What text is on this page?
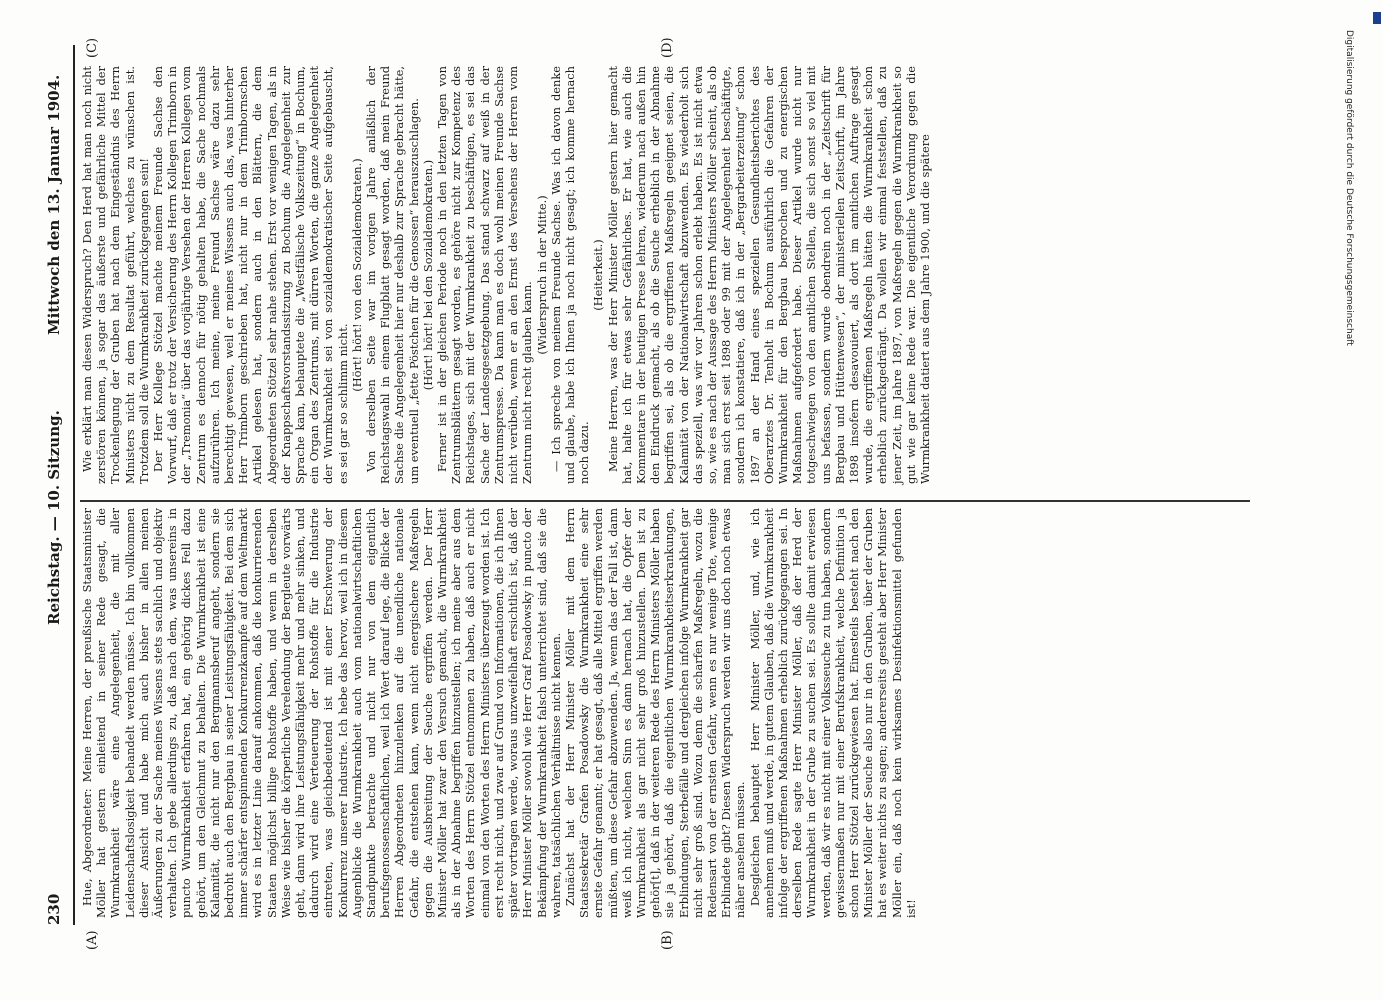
230
Reichstag. — 10. Sitzung.
Mittwoch den 13. Januar 1904.
(A)	(B)
(C)	(D)

Hue, Abgeordneter: Meine Herren, der preußische Staatsminister Möller hat gestern einleitend in seiner Rede gesagt, die Wurmkrankheit wäre eine Angelegenheit, die mit aller Leidenschaftslosigkeit behandelt werden müsse. Ich bin vollkommen dieser Ansicht und habe mich auch bisher in allen meinen Äußerungen zu der Sache meines Wissens stets sachlich und objektiv verhalten. Ich gebe allerdings zu, daß nach dem, was unsereins in puncto Wurmkrankheit erfahren hat, ein gehörig dickes Fell dazu gehört, um den Gleichmut zu behalten. Die Wurmkrankheit ist eine Kalamität, die nicht nur den Bergmannsberuf angeht, sondern sie bedroht auch den Bergbau in seiner Leistungsfähigkeit. Bei dem sich immer schärfer entspinnenden Konkurrenzkampfe auf dem Weltmarkt wird es in letzter Linie darauf ankommen, daß die konkurrierenden Staaten möglichst billige Rohstoffe haben, und wenn in derselben Weise wie bisher die körperliche Verelendung der Bergleute vorwärts geht, dann wird ihre Leistungsfähigkeit mehr und mehr sinken, und dadurch wird eine Verteuerung der Rohstoffe für die Industrie eintreten, was gleichbedeutend ist mit einer Erschwerung der Konkurrenz unserer Industrie. Ich hebe das hervor, weil ich in diesem Augenblicke die Wurmkrankheit auch vom nationalwirtschaftlichen Standpunkte betrachte und nicht nur von dem eigentlich berufsgenossenschaftlichen, weil ich Wert darauf lege, die Blicke der Herren Abgeordneten hinzulenken auf die unendliche nationale Gefahr, die entstehen kann, wenn nicht energischere Maßregeln gegen die Ausbreitung der Seuche ergriffen werden. Der Herr Minister Möller hat zwar den Versuch gemacht, die Wurmkrankheit als in der Abnahme begriffen hinzustellen; ich meine aber aus dem Worten des Herrn Stötzel entnommen zu haben, daß auch er nicht einmal von den Worten des Herrn Ministers überzeugt worden ist. Ich erst recht nicht, und zwar auf Grund von Informationen, die ich Ihnen später vortragen werde, woraus unzweifelhaft ersichtlich ist, daß der Herr Minister Möller sowohl wie Herr Graf Posadowsky in puncto der Bekämpfung der Wurmkrankheit falsch unterrichtet sind, daß sie die wahren, tatsächlichen Verhältnisse nicht kennen. Zunächst hat der Herr Minister Möller mit dem Herrn Staatssekretär Grafen Posadowsky die Wurmkrankheit eine sehr ernste Gefahr genannt; er hat gesagt, daß alle Mittel ergriffen werden müßten, um diese Gefahr abzuwenden. Ja, wenn das der Fall ist, dann weiß ich nicht, welchen Sinn es dann hernach hat, die Opfer der Wurmkrankheit als gar nicht sehr groß hinzustellen. Dem ist zu gehör[t], daß in der weiteren Rede des Herrn Ministers Möller haben sie ja gehört, daß die eigentlichen Wurmkrankheitserkrankungen, Erblindungen, Sterbefälle und dergleichen infolge Wurmkrankheit gar nicht sehr groß sind. Wozu denn die scharfen Maßregeln, wozu die Redensart von der ernsten Gefahr, wenn es nur wenige Tote, wenige Erblindete gibt? Diesen Widerspruch werden wir uns doch noch etwas näher ansehen müssen. Desgleichen behauptet Herr Minister Möller, und, wie ich annehmen muß und werde, in gutem Glauben, daß die Wurmkrankheit infolge der ergriffenen Maßnahmen erheblich zurückgegangen sei. In derselben Rede sagte Herr Minister Möller, daß der Herd der Wurmkrankheit in der Grube zu suchen sei. Es sollte damit erwiesen werden, daß wir es nicht mit einer Volksseuche zu tun haben, sondern gewissermaßen nur mit einer Berufskrankheit, welche Definition ja schon Herr Stötzel zurückgewiesen hat. Einesteils besteht nach den Minister Möller der Seuche also nur in den Gruben, über der Gruben hat es weiter nichts zu sagen; andererseits gesteht aber Herr Minister Möller ein, daß noch kein wirksames Desinfektionsmittel gefunden ist!

Wie erklärt man diesen Widerspruch? Den Herd hat man noch nicht zerstören können, ja sogar das äußerste und gefährliche Mittel der Trockenlegung der Gruben hat nach dem Eingeständnis des Herrn Ministers nicht zu dem Resultat geführt, welches zu wünschen ist. Trotzdem soll die Wurmkrankheit zurückgegangen sein! Der Herr Kollege Stötzel machte meinem Freunde Sachse den Vorwurf, daß er trotz der Versicherung des Herrn Kollegen Trimborn in der „Tremonia“ über das vorjährige Versehen der Herren Kollegen vom Zentrum es dennoch für nötig gehalten habe, die Sache nochmals aufzurühren. Ich meine, meine Freund Sachse wäre dazu sehr berechtigt gewesen, weil er meines Wissens auch das, was hinterher Herr Trimborn geschrieben hat, nicht nur in dem Trimbornschen Artikel gelesen hat, sondern auch in den Blättern, die dem Abgeordneten Stötzel sehr nahe stehen. Erst vor wenigen Tagen, als in der Knappschaftsvorstandssitzung zu Bochum die Angelegenheit zur Sprache kam, behauptete die „Westfälische Volkszeitung“ in Bochum, ein Organ des Zentrums, mit dürren Worten, die ganze Angelegenheit der Wurmkrankheit sei von sozialdemokratischer Seite aufgebauscht, es sei gar so schlimm nicht.

(Hört! hört! von den Sozialdemokraten.) Von derselben Seite war im vorigen Jahre anläßlich der Reichstagswahl in einem Flugblatt gesagt worden, daß mein Freund Sachse die Angelegenheit hier nur deshalb zur Sprache gebracht hätte, um eventuell „fette Pöstchen für die Genossen“ herauszuschlagen. (Hört! hört! bei den Sozialdemokraten.) Ferner ist in der gleichen Periode noch in den letzten Tagen von Zentrumsblättern gesagt worden, es gehöre nicht zur Kompetenz des Reichstages, sich mit der Wurmkrankheit zu beschäftigen, es sei das Sache der Landesgesetzgebung. Das stand schwarz auf weiß in der Zentrumspresse. Da kann man es doch wohl meinen Freunde Sachse nicht verübeln, wenn er an den Ernst des Versehens der Herren vom Zentrum nicht recht glauben kann.

(Widerspruch in der Mitte.) — Ich spreche von meinem Freunde Sachse. Was ich davon denke und glaube, habe ich Ihnen ja noch nicht gesagt; ich komme hernach noch dazu.

(Heiterkeit.) Meine Herren, was der Herr Minister Möller gestern hier gemacht hat, halte ich für etwas sehr Gefährliches. Er hat, wie auch die Kommentare in der heutigen Presse lehren, wiederum nach außen hin den Eindruck gemacht, als ob die Seuche erheblich in der Abnahme begriffen sei, als ob die ergriffenen Maßregeln geeignet seien, die Kalamität von der Nationalwirtschaft abzuwenden. Es wiederholt sich das speziell, was wir vor Jahren schon erlebt haben. Es ist nicht etwa so, wie es nach der Aussage des Herrn Ministers Möller scheint, als ob man sich erst seit 1898 oder 99 mit der Angelegenheit beschäftigte, sondern ich konstatiere, daß ich in der „Bergarbeiterzeitung“ schon 1897 an der Hand eines speziellen Gesundheitsberichtes des Oberarztes Dr. Tenholt in Bochum ausführlich die Gefahren der Wurmkrankheit für den Bergbau besprochen und zu energischen Maßnahmen aufgefordert habe. Dieser Artikel wurde nicht nur totgeschwiegen von den amtlichen Stellen, die sich sonst so viel mit uns befassen, sondern wurde obendrein noch in der „Zeitschrift für Bergbau und Hüttenwesen“, der ministeriellen Zeitschrift, im Jahre 1898 insofern desavouiert, als dort im amtlichen Auftrage gesagt wurde, die ergriffenen Maßregeln hätten die Wurmkrankheit schon erheblich zurückgedrängt. Da wollen wir einmal feststellen, daß zu jener Zeit, im Jahre 1897, von Maßregeln gegen die Wurmkrankheit so gut wie gar keine Rede war. Die eigentliche Verordnung gegen die Wurmkrankheit datiert aus dem Jahre 1900, und die spätere	Digitalisierung gefördert durch die Deutsche Forschungsgemeinschaft
